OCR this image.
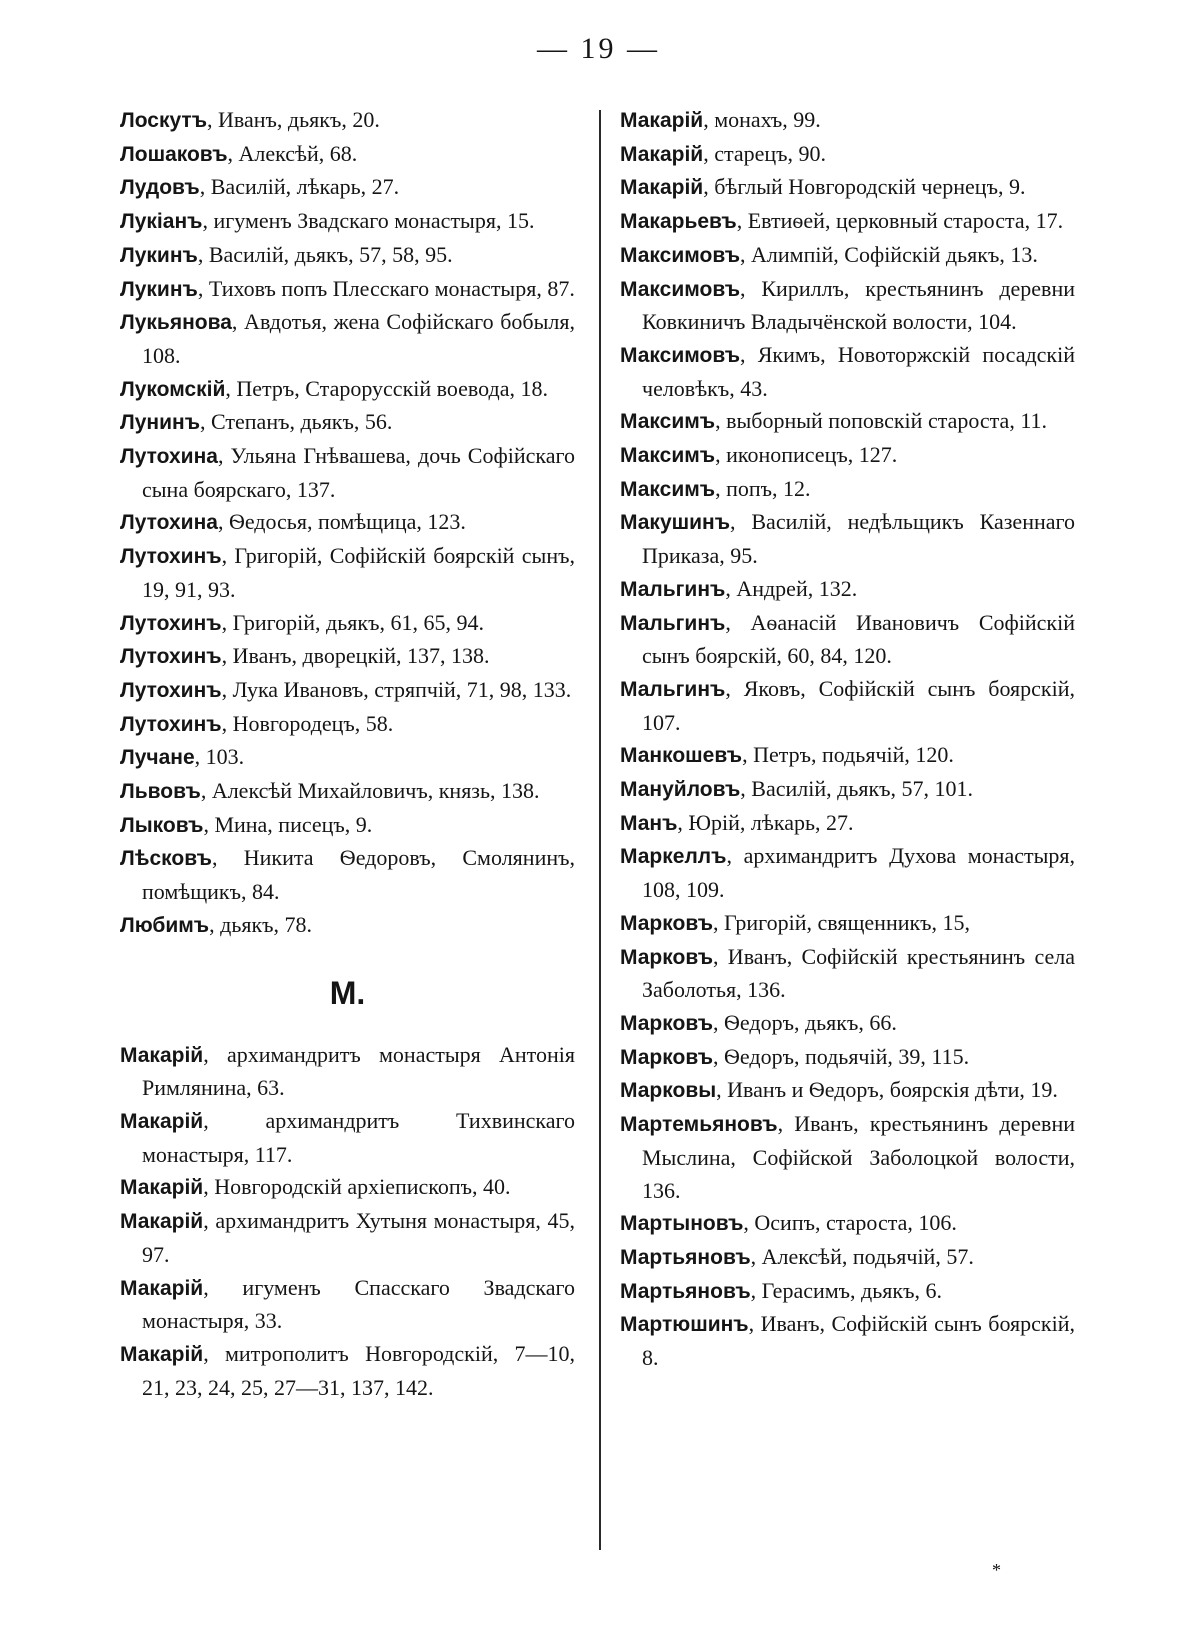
— 19 —
Лоскутъ, Иванъ, дьякъ, 20.
Лошаковъ, Алексѣй, 68.
Лудовъ, Василій, лѣкарь, 27.
Лукіанъ, игуменъ Звадскаго монастыря, 15.
Лукинъ, Василій, дьякъ, 57, 58, 95.
Лукинъ, Тиховъ попъ Плесскаго монастыря, 87.
Лукьянова, Авдотья, жена Софійскаго бобыля, 108.
Лукомскій, Петръ, Старорусскій воевода, 18.
Лунинъ, Степанъ, дьякъ, 56.
Лутохина, Ульяна Гнѣвашева, дочь Софійскаго сына боярскаго, 137.
Лутохина, Ѳедосья, помѣщица, 123.
Лутохинъ, Григорій, Софійскій боярскій сынъ, 19, 91, 93.
Лутохинъ, Григорій, дьякъ, 61, 65, 94.
Лутохинъ, Иванъ, дворецкій, 137, 138.
Лутохинъ, Лука Ивановъ, стряпчій, 71, 98, 133.
Лутохинъ, Новгородецъ, 58.
Лучане, 103.
Львовъ, Алексѣй Михайловичъ, князь, 138.
Лыковъ, Мина, писецъ, 9.
Лѣсковъ, Никита Ѳедоровъ, Смолянинъ, помѣщикъ, 84.
Любимъ, дьякъ, 78.
М.
Макарій, архимандритъ монастыря Антонія Римлянина, 63.
Макарій, архимандритъ Тихвинскаго монастыря, 117.
Макарій, Новгородскій архіепископъ, 40.
Макарій, архимандритъ Хутыня монастыря, 45, 97.
Макарій, игуменъ Спасскаго Звадскаго монастыря, 33.
Макарій, митрополитъ Новгородскій, 7—10, 21, 23, 24, 25, 27—31, 137, 142.
Макарій, монахъ, 99.
Макарій, старецъ, 90.
Макарій, бѣглый Новгородскій чернецъ, 9.
Макарьевъ, Евтиѳей, церковный староста, 17.
Максимовъ, Алимпій, Софійскій дьякъ, 13.
Максимовъ, Кириллъ, крестьянинъ деревни Ковкиничъ Владычёнской волости, 104.
Максимовъ, Якимъ, Новоторжскій посадскій человѣкъ, 43.
Максимъ, выборный поповскій староста, 11.
Максимъ, иконописецъ, 127.
Максимъ, попъ, 12.
Макушинъ, Василій, недѣльщикъ Казеннаго Приказа, 95.
Мальгинъ, Андрей, 132.
Мальгинъ, Аѳанасій Ивановичъ Софійскій сынъ боярскій, 60, 84, 120.
Мальгинъ, Яковъ, Софійскій сынъ боярскій, 107.
Манкошевъ, Петръ, подьячій, 120.
Мануйловъ, Василій, дьякъ, 57, 101.
Манъ, Юрій, лѣкарь, 27.
Маркеллъ, архимандритъ Духова монастыря, 108, 109.
Марковъ, Григорій, священникъ, 15,
Марковъ, Иванъ, Софійскій крестьянинъ села Заболотья, 136.
Марковъ, Ѳедоръ, дьякъ, 66.
Марковъ, Ѳедоръ, подьячій, 39, 115.
Марковы, Иванъ и Ѳедоръ, боярскія дѣти, 19.
Мартемьяновъ, Иванъ, крестьянинъ деревни Мыслина, Софійской Заболоцкой волости, 136.
Мартыновъ, Осипъ, староста, 106.
Мартьяновъ, Алексѣй, подьячій, 57.
Мартьяновъ, Герасимъ, дьякъ, 6.
Мартюшинъ, Иванъ, Софійскій сынъ боярскій, 8.
*
